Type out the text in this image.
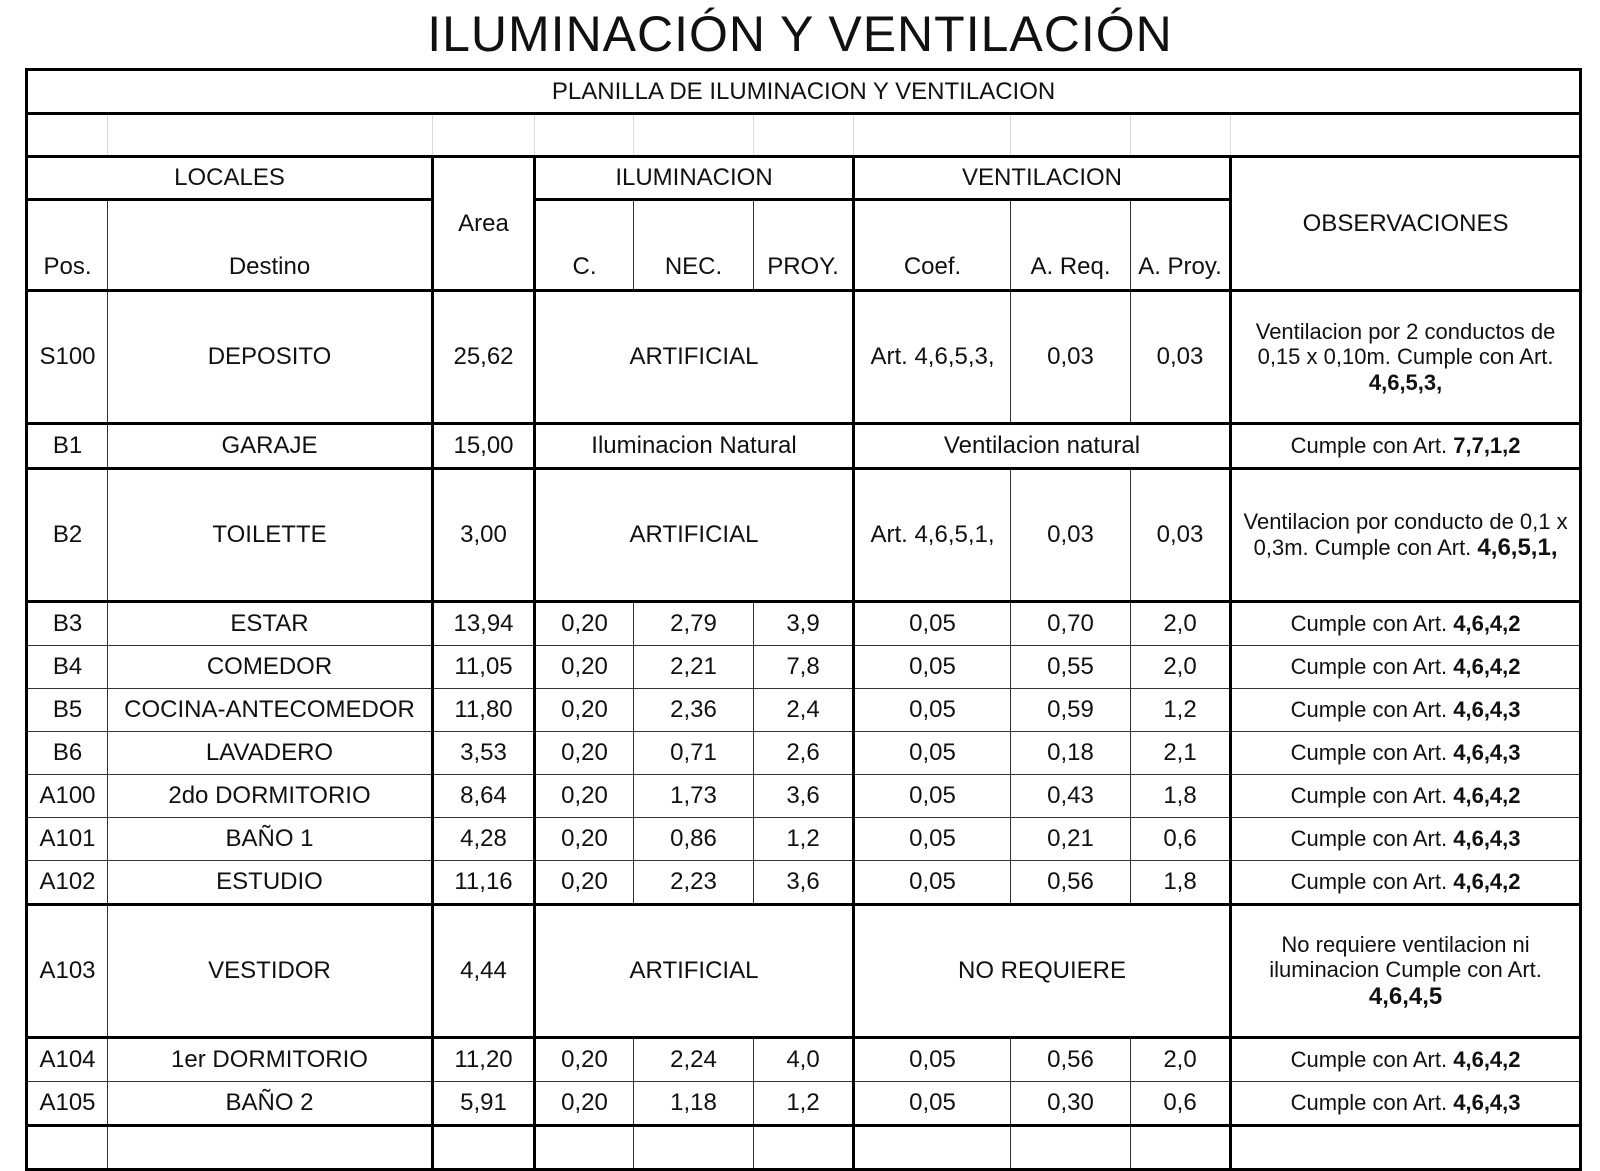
ILUMINACIÓN Y VENTILACIÓN
PLANILLA DE ILUMINACION Y VENTILACION									

LOCALES		Area	ILUMINACION			VENTILACION			OBSERVACIONES
Pos.	Destino		C.	NEC.	PROY.	Coef.	A. Req.	A. Proy.	
S100	DEPOSITO	25,62	ARTIFICIAL			Art. 4,6,5,3,	0,03	0,03	Ventilacion por 2 conductos de 0,15 x 0,10m. Cumple con Art. 4,6,5,3,
B1	GARAJE	15,00	Iluminacion Natural			Ventilacion natural			Cumple con Art. 7,7,1,2
B2	TOILETTE	3,00	ARTIFICIAL			Art. 4,6,5,1,	0,03	0,03	Ventilacion por conducto de 0,1 x 0,3m. Cumple con Art. 4,6,5,1,
B3	ESTAR	13,94	0,20	2,79	3,9	0,05	0,70	2,0	Cumple con Art. 4,6,4,2
B4	COMEDOR	11,05	0,20	2,21	7,8	0,05	0,55	2,0	Cumple con Art. 4,6,4,2
B5	COCINA-ANTECOMEDOR	11,80	0,20	2,36	2,4	0,05	0,59	1,2	Cumple con Art. 4,6,4,3
B6	LAVADERO	3,53	0,20	0,71	2,6	0,05	0,18	2,1	Cumple con Art. 4,6,4,3
A100	2do DORMITORIO	8,64	0,20	1,73	3,6	0,05	0,43	1,8	Cumple con Art. 4,6,4,2
A101	BAÑO 1	4,28	0,20	0,86	1,2	0,05	0,21	0,6	Cumple con Art. 4,6,4,3
A102	ESTUDIO	11,16	0,20	2,23	3,6	0,05	0,56	1,8	Cumple con Art. 4,6,4,2
A103	VESTIDOR	4,44	ARTIFICIAL			NO REQUIERE			No requiere ventilacion ni iluminacion Cumple con Art. 4,6,4,5
A104	1er DORMITORIO	11,20	0,20	2,24	4,0	0,05	0,56	2,0	Cumple con Art. 4,6,4,2
A105	BAÑO 2	5,91	0,20	1,18	1,2	0,05	0,30	0,6	Cumple con Art. 4,6,4,3
